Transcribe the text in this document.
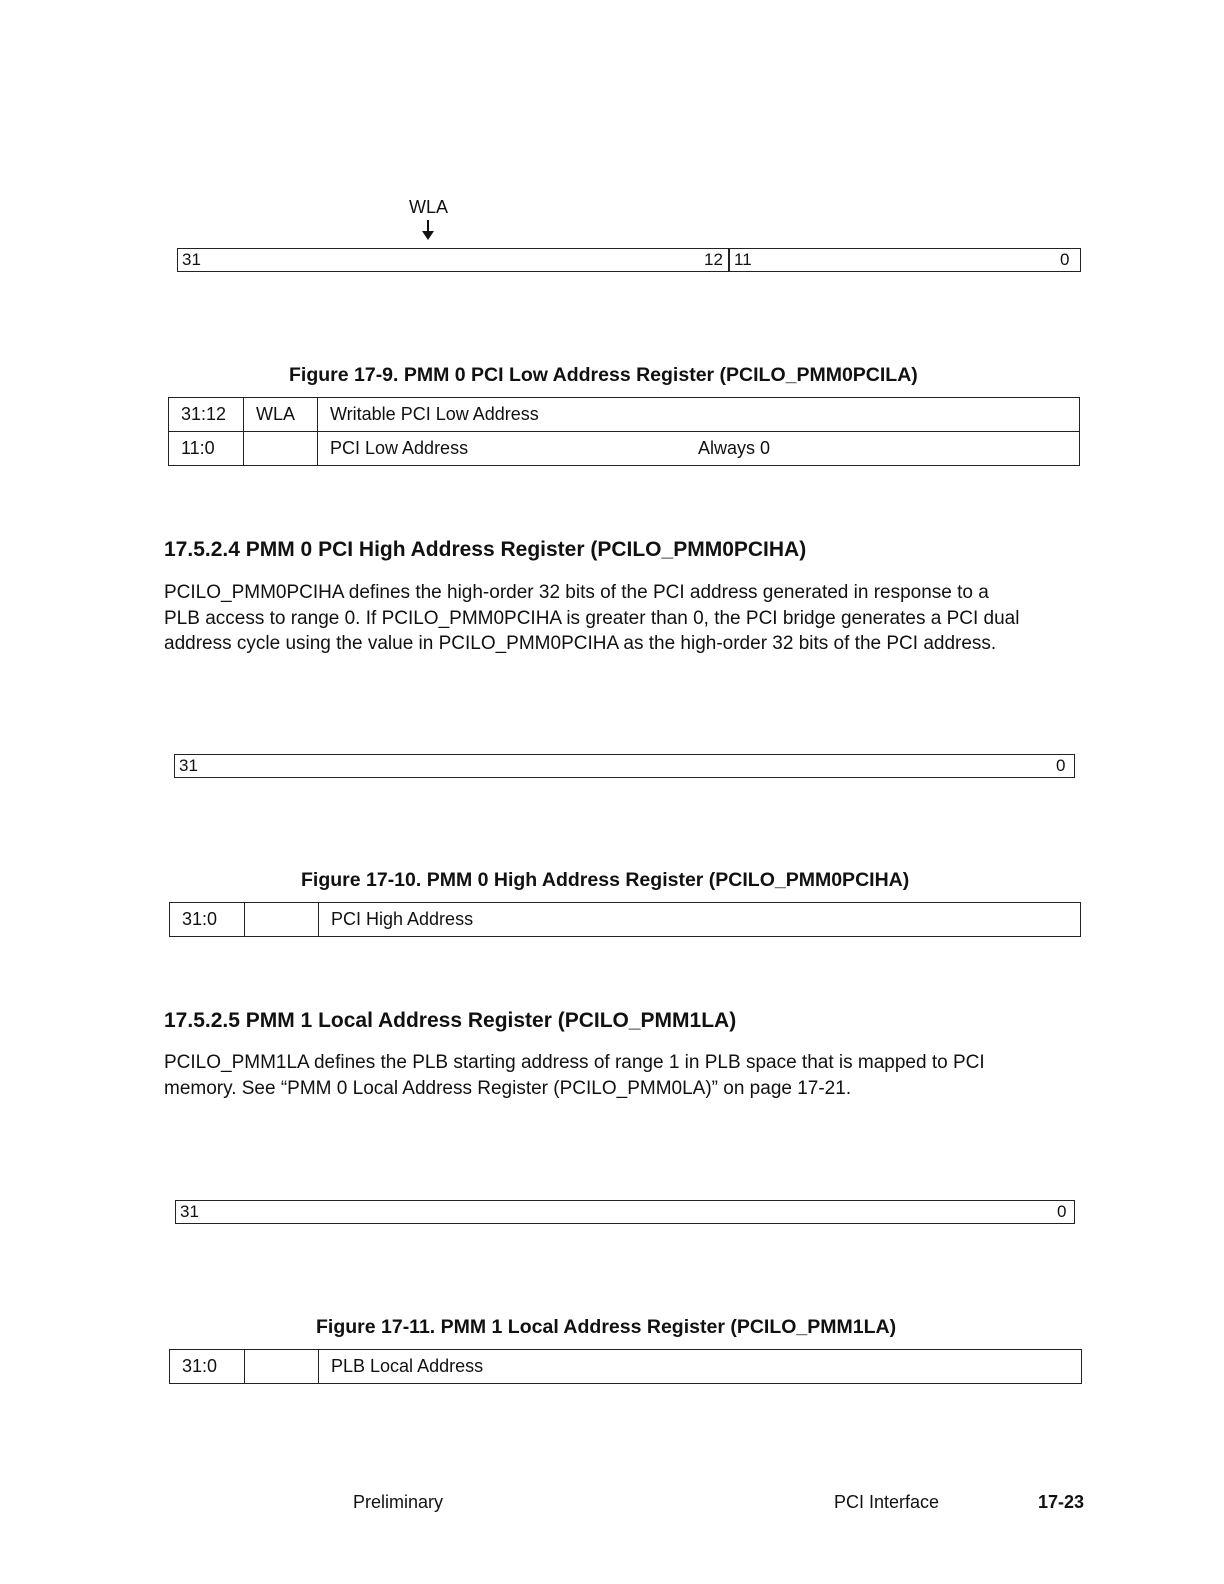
WLA
31	12 11	0
Figure 17-9. PMM 0 PCI Low Address Register (PCILO_PMM0PCILA)
31:12	WLA	Writable PCI Low Address
11:0		PCI Low Address Always 0
17.5.2.4 PMM 0 PCI High Address Register (PCILO_PMM0PCIHA)

PCILO_PMM0PCIHA defines the high-order 32 bits of the PCI address generated in response to a

PLB access to range 0. If PCILO_PMM0PCIHA is greater than 0, the PCI bridge generates a PCI dual

address cycle using the value in PCILO_PMM0PCIHA as the high-order 32 bits of the PCI address.

31	0
Figure 17-10. PMM 0 High Address Register (PCILO_PMM0PCIHA)
31:0		PCI High Address
17.5.2.5 PMM 1 Local Address Register (PCILO_PMM1LA)

PCILO_PMM1LA defines the PLB starting address of range 1 in PLB space that is mapped to PCI

memory. See “PMM 0 Local Address Register (PCILO_PMM0LA)” on page 17-21.

31	0
Figure 17-11. PMM 1 Local Address Register (PCILO_PMM1LA)
31:0		PLB Local Address
Preliminary	PCI Interface	17-23
